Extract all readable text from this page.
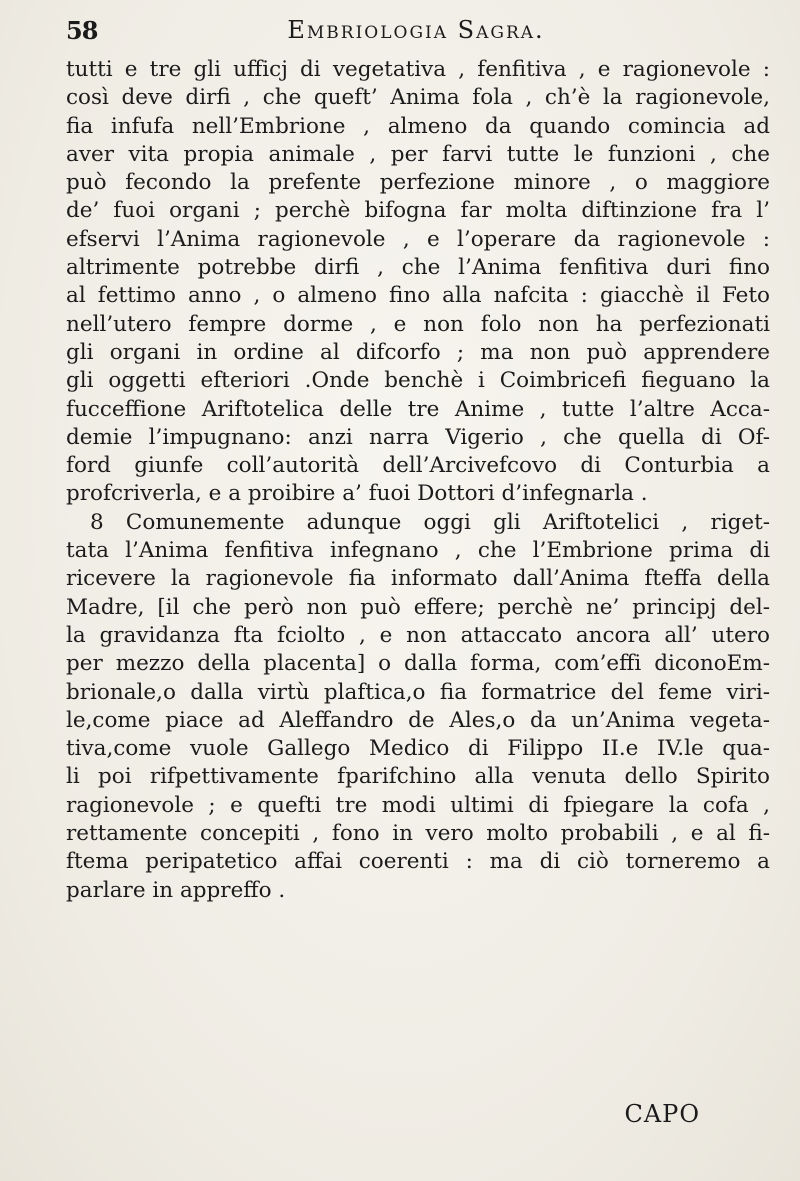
58	Embriologia Sagra.
tutti e tre gli ufficj di vegetativa , fenfitiva , e ragionevole :
così deve dirfi , che queft’ Anima fola , ch’è la ragionevole,
fia infufa nell’Embrione , almeno da quando comincia ad
aver vita propia animale , per farvi tutte le funzioni , che
può fecondo la prefente perfezione minore , o maggiore
de’ fuoi organi ; perchè bifogna far molta diftinzione fra l’
efservi l’Anima ragionevole , e l’operare da ragionevole :
altrimente potrebbe dirfi , che l’Anima fenfitiva duri fino
al fettimo anno , o almeno fino alla nafcita : giacchè il Feto
nell’utero fempre dorme , e non folo non ha perfezionati
gli organi in ordine al difcorfo ; ma non può apprendere
gli oggetti efteriori .Onde benchè i Coimbricefi fieguano la
fucceffione Ariftotelica delle tre Anime , tutte l’altre Acca-
demie l’impugnano: anzi narra Vigerio , che quella di Of-
ford giunfe coll’autorità dell’Arcivefcovo di Conturbia a
profcriverla, e a proibire a’ fuoi Dottori d’infegnarla .
8 Comunemente adunque oggi gli Ariftotelici , riget-
tata l’Anima fenfitiva infegnano , che l’Embrione prima di
ricevere la ragionevole fia informato dall’Anima fteffa della
Madre, [il che però non può effere; perchè ne’ principj del-
la gravidanza fta fciolto , e non attaccato ancora all’ utero
per mezzo della placenta] o dalla forma, com’effi diconoEm-
brionale,o dalla virtù plaftica,o fia formatrice del feme viri-
le,come piace ad Aleffandro de Ales,o da un’Anima vegeta-
tiva,come vuole Gallego Medico di Filippo II.e IV.le qua-
li poi rifpettivamente fparifchino alla venuta dello Spirito
ragionevole ; e quefti tre modi ultimi di fpiegare la cofa ,
rettamente concepiti , fono in vero molto probabili , e al fi-
ftema peripatetico affai coerenti : ma di ciò torneremo a
parlare in appreffo .
CAPO
